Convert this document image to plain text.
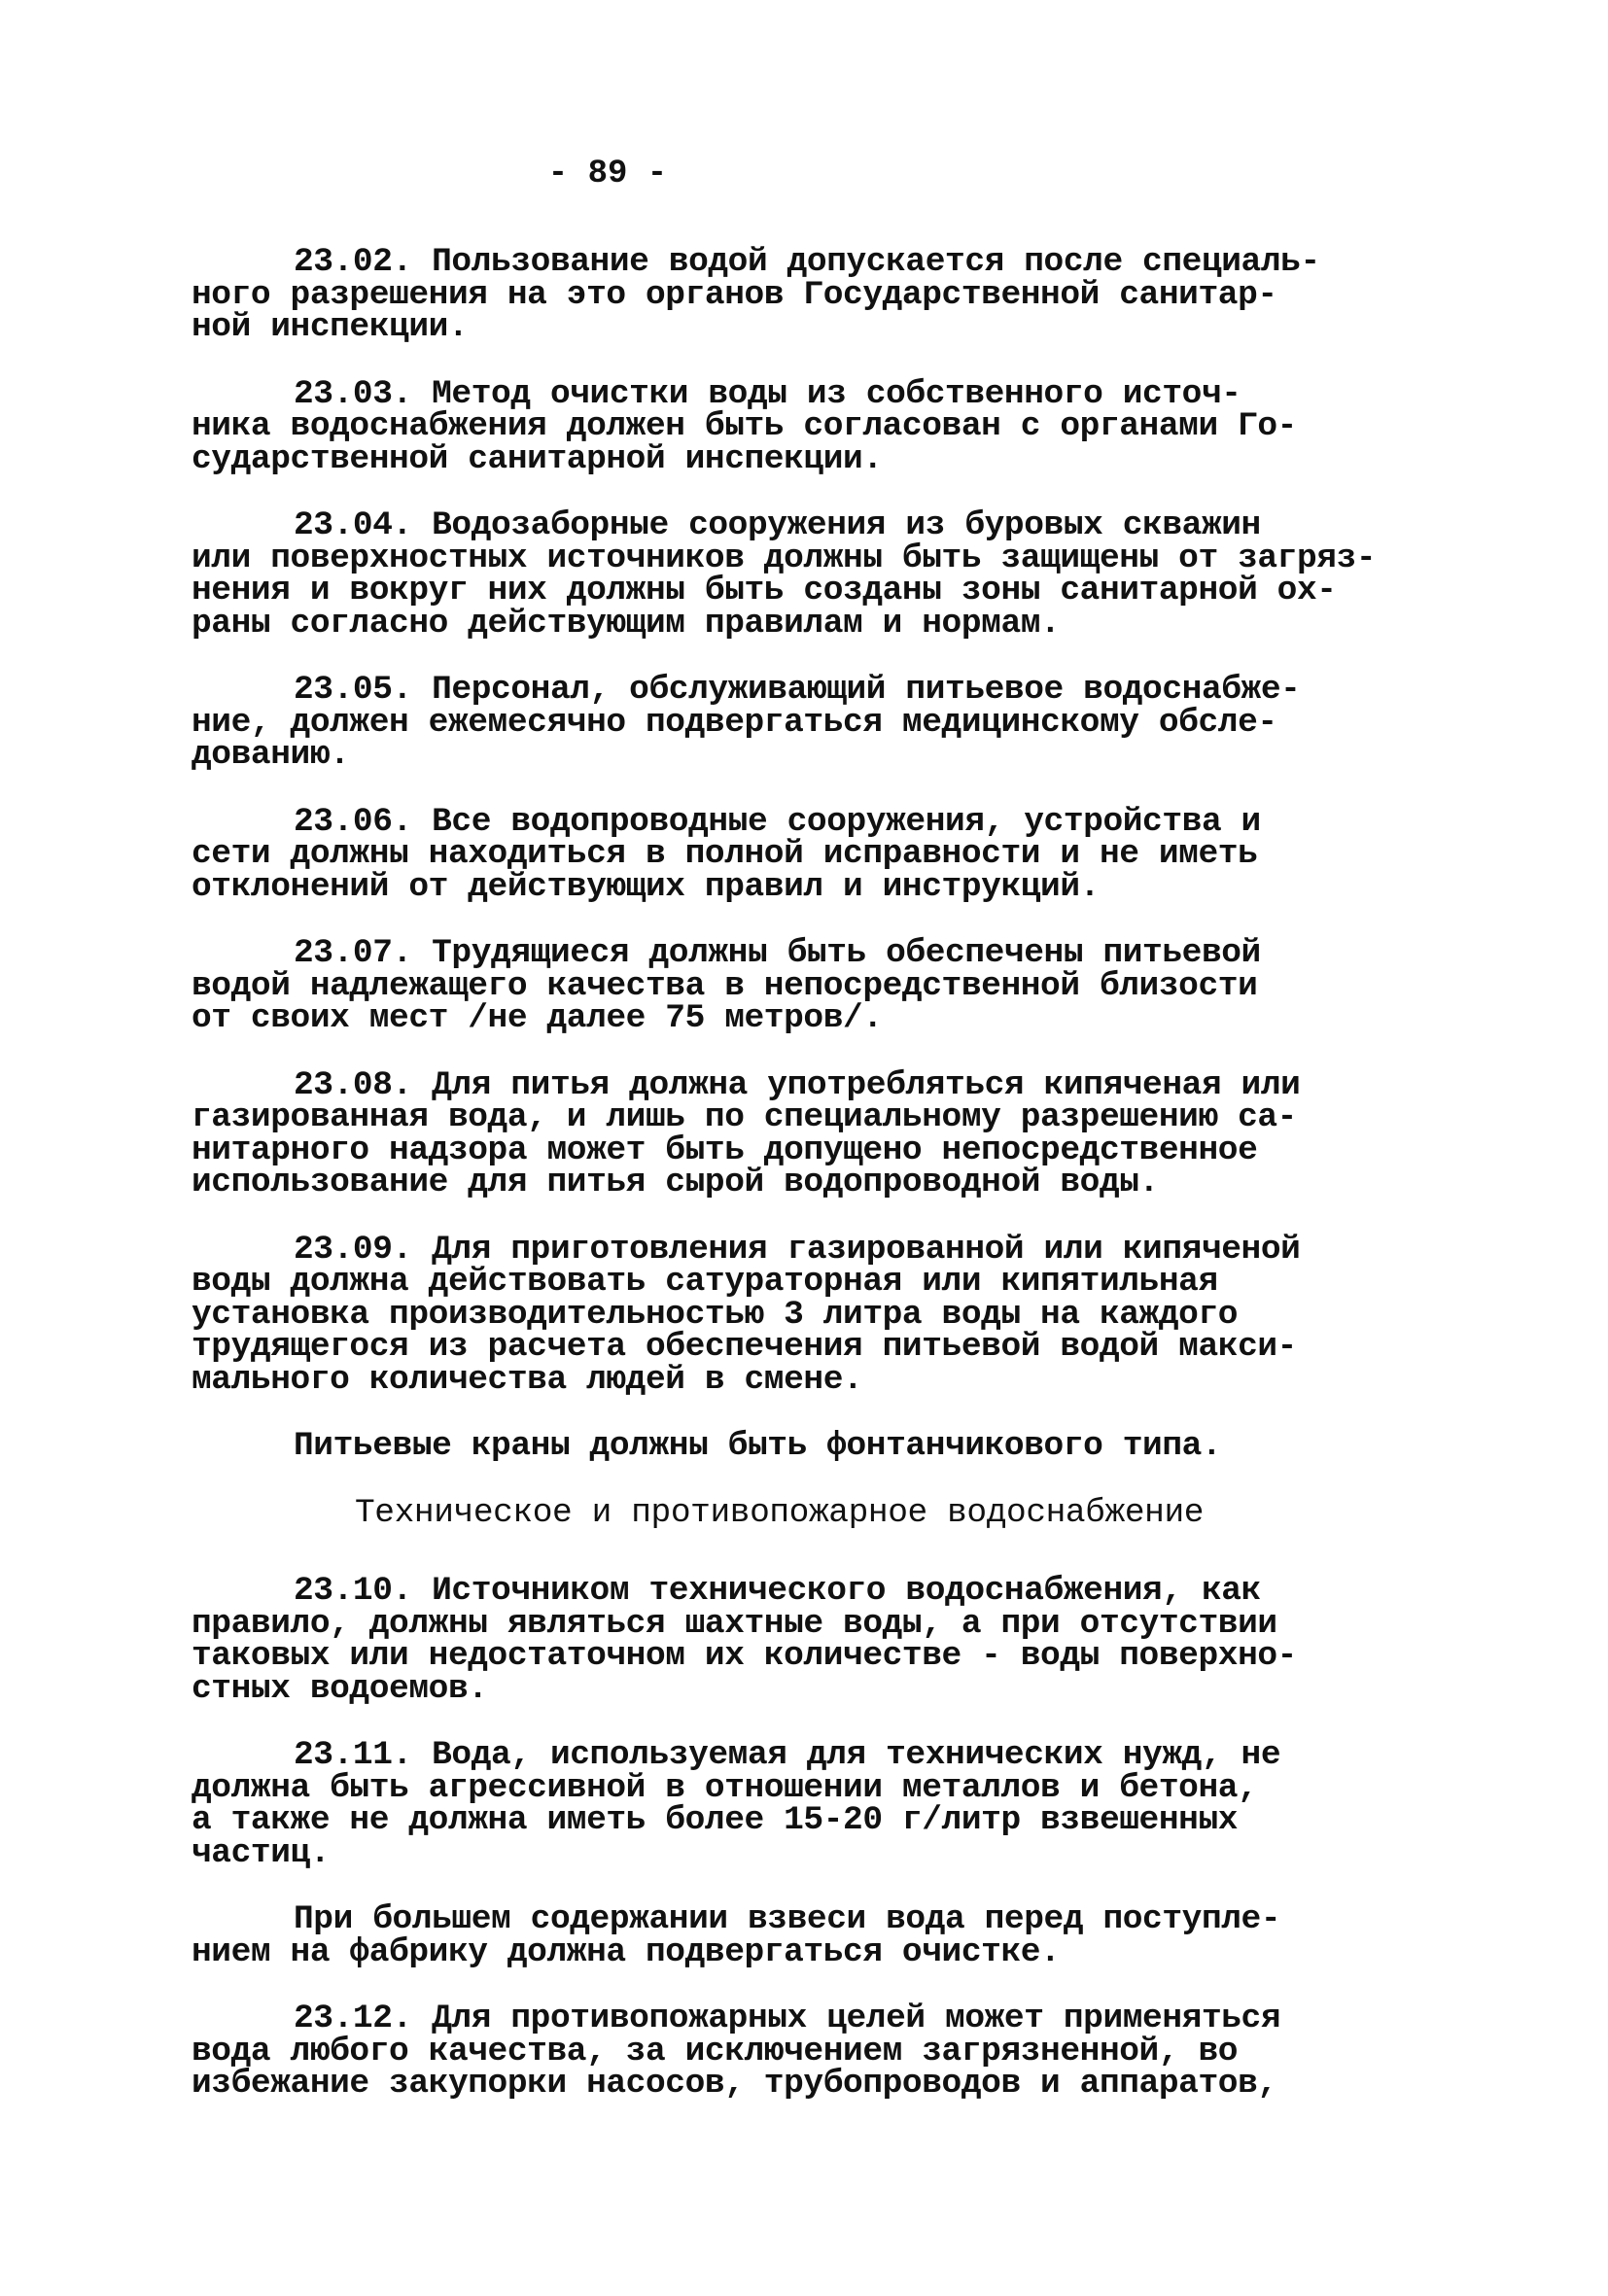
- 89 -
23.02. Пользование водой допускается после специаль-
ного разрешения на это органов Государственной санитар-
ной инспекции.
23.03. Метод очистки воды из собственного источ-
ника водоснабжения должен быть согласован с органами Го-
сударственной санитарной инспекции.
23.04. Водозаборные сооружения из буровых скважин
или поверхностных источников должны быть защищены от загряз-
нения и вокруг них должны быть созданы зоны санитарной ох-
раны согласно действующим правилам и нормам.
23.05. Персонал, обслуживающий питьевое водоснабже-
ние, должен ежемесячно подвергаться медицинскому обсле-
дованию.
23.06. Все водопроводные сооружения, устройства и
сети должны находиться в полной исправности и не иметь
отклонений от действующих правил и инструкций.
23.07. Трудящиеся должны быть обеспечены питьевой
водой надлежащего качества в непосредственной близости
от своих мест /не далее 75 метров/.
23.08. Для питья должна употребляться кипяченая или
газированная вода, и лишь по специальному разрешению са-
нитарного надзора может быть допущено непосредственное
использование для питья сырой водопроводной воды.
23.09. Для приготовления газированной или кипяченой
воды должна действовать сатураторная или кипятильная
установка производительностью 3 литра воды на каждого
трудящегося из расчета обеспечения питьевой водой макси-
мального количества людей в смене.
Питьевые краны должны быть фонтанчикового типа.
Техническое и противопожарное водоснабжение
23.10. Источником технического водоснабжения, как
правило, должны являться шахтные воды, а при отсутствии
таковых или недостаточном их количестве - воды поверхно-
стных водоемов.
23.11. Вода, используемая для технических нужд, не
должна быть агрессивной в отношении металлов и бетона,
а также не должна иметь более 15-20 г/литр взвешенных
частиц.
При большем содержании взвеси вода перед поступле-
нием на фабрику должна подвергаться очистке.
23.12. Для противопожарных целей может применяться
вода любого качества, за исключением загрязненной, во
избежание закупорки насосов, трубопроводов и аппаратов,
